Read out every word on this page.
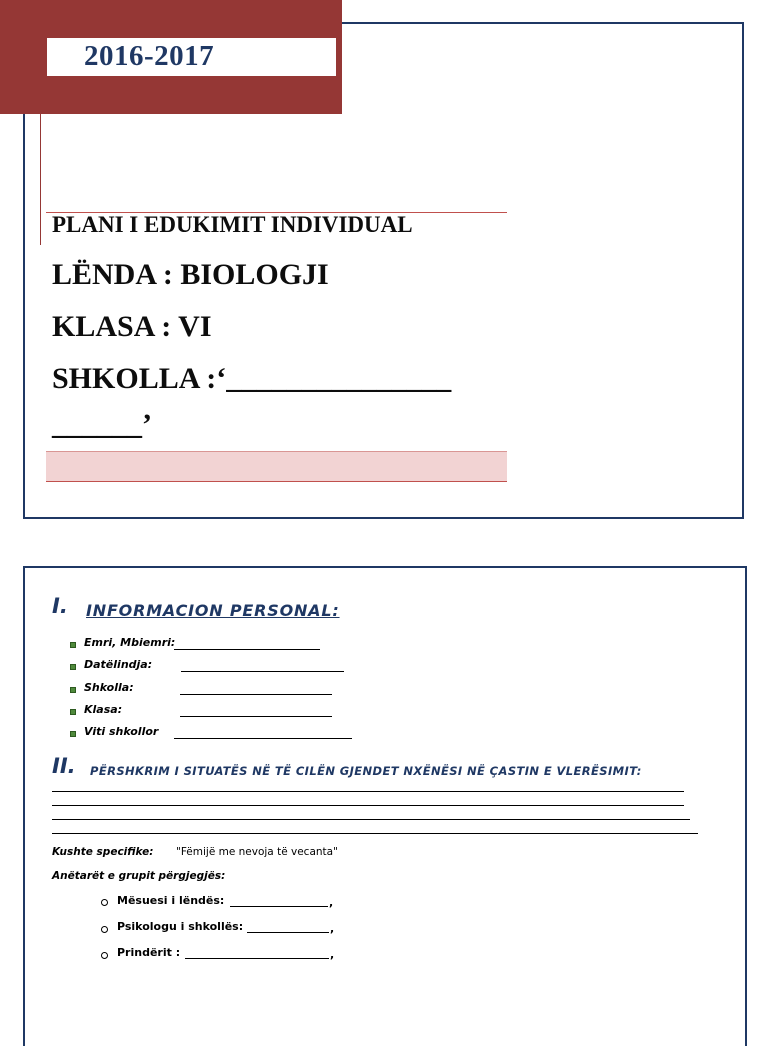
2016-2017
PLANI I EDUKIMIT INDIVIDUAL
LËNDA : BIOLOGJI
KLASA : VI
SHKOLLA :‘_______________
______’
I. INFORMACION PERSONAL:
Emri, Mbiemri:
Datëlindja:
Shkolla:
Klasa:
Viti shkollor
II. PËRSHKRIM I SITUATËS NË TË CILËN GJENDET NXËNËSI NË ÇASTIN E VLERËSIMIT:
Kushte specifike: "Fëmijë me nevoja të vecanta"
Anëtarët e grupit përgjegjës:
Mësuesi i lëndës:	,
Psikologu i shkollës:	,
Prindërit :	,
